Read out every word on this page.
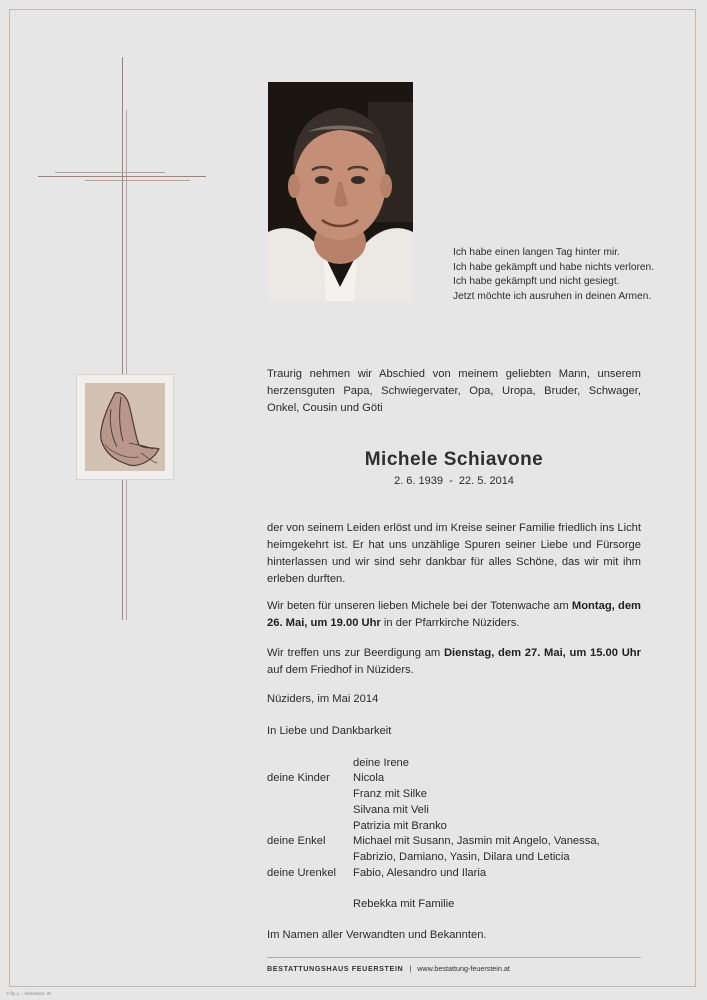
Ich habe einen langen Tag hinter mir.
Ich habe gekämpft und habe nichts verloren.
Ich habe gekämpft und nicht gesiegt.
Jetzt möchte ich ausruhen in deinen Armen.
Traurig nehmen wir Abschied von meinem geliebten Mann, unserem herzensguten Papa, Schwiegervater, Opa, Uropa, Bruder, Schwager, Onkel, Cousin und Göti
Michele Schiavone
2. 6. 1939  -  22. 5. 2014
der von seinem Leiden erlöst und im Kreise seiner Familie friedlich ins Licht heimgekehrt ist. Er hat uns unzählige Spuren seiner Liebe und Fürsorge hinterlassen und wir sind sehr dankbar für alles Schöne, das wir mit ihm erleben durften.
Wir beten für unseren lieben Michele bei der Totenwache am Montag, dem 26. Mai, um 19.00 Uhr in der Pfarrkirche Nüziders.
Wir treffen uns zur Beerdigung am Dienstag, dem 27. Mai, um 15.00 Uhr auf dem Friedhof in Nüziders.
Nüziders, im Mai 2014
In Liebe und Dankbarkeit
deine Irene
deine Kinder Nicola
Franz mit Silke
Silvana mit Veli
Patrizia mit Branko
deine Enkel Michael mit Susann, Jasmin mit Angelo, Vanessa,
Fabrizio, Damiano, Yasin, Dilara und Leticia
deine Urenkel Fabio, Alesandro und Ilaria
Rebekka mit Familie
Im Namen aller Verwandten und Bekannten.
BESTATTUNGSHAUS FEUERSTEIN | www.bestattung-feuerstein.at
© by L. - Abreissen. W.
